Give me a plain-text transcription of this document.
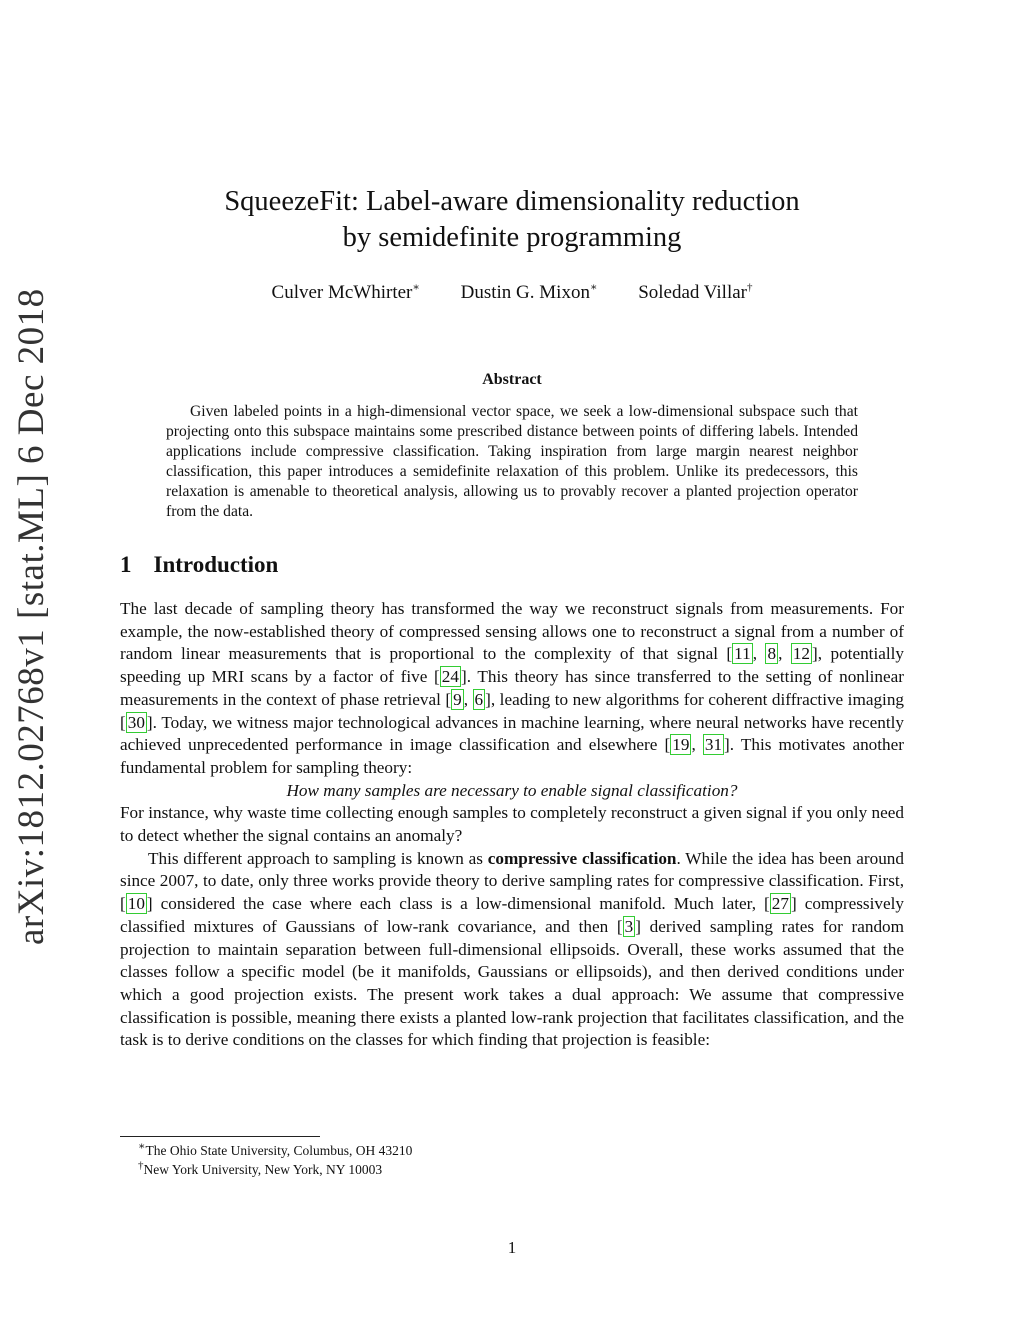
arXiv:1812.02768v1 [stat.ML] 6 Dec 2018
SqueezeFit: Label-aware dimensionality reduction
by semidefinite programming
Culver McWhirter∗ Dustin G. Mixon∗ Soledad Villar†
Abstract
Given labeled points in a high-dimensional vector space, we seek a low-dimensional subspace such that projecting onto this subspace maintains some prescribed distance between points of differing labels. Intended applications include compressive classification. Taking inspiration from large margin nearest neighbor classification, this paper introduces a semidefinite relaxation of this problem. Unlike its predecessors, this relaxation is amenable to theoretical analysis, allowing us to provably recover a planted projection operator from the data.
1 Introduction

The last decade of sampling theory has transformed the way we reconstruct signals from measurements. For example, the now-established theory of compressed sensing allows one to reconstruct a signal from a number of random linear measurements that is proportional to the complexity of that signal [ 11 , 8 , 12 ], potentially speeding up MRI scans by a factor of five [ 24 ]. This theory has since transferred to the setting of nonlinear measurements in the context of phase retrieval [ 9 , 6 ], leading to new algorithms for coherent diffractive imaging [ 30 ]. Today, we witness major technological advances in machine learning, where neural networks have recently achieved unprecedented performance in image classification and elsewhere [ 19 , 31 ]. This motivates another fundamental problem for sampling theory:

How many samples are necessary to enable signal classification?

For instance, why waste time collecting enough samples to completely reconstruct a given signal if you only need to detect whether the signal contains an anomaly?

This different approach to sampling is known as compressive classification. While the idea has been around since 2007, to date, only three works provide theory to derive sampling rates for compressive classification. First, [ 10 ] considered the case where each class is a low-dimensional manifold. Much later, [ 27 ] compressively classified mixtures of Gaussians of low-rank covariance, and then [ 3 ] derived sampling rates for random projection to maintain separation between full-dimensional ellipsoids. Overall, these works assumed that the classes follow a specific model (be it manifolds, Gaussians or ellipsoids), and then derived conditions under which a good projection exists. The present work takes a dual approach: We assume that compressive classification is possible, meaning there exists a planted low-rank projection that facilitates classification, and the task is to derive conditions on the classes for which finding that projection is feasible:

∗The Ohio State University, Columbus, OH 43210
†New York University, New York, NY 10003
1
